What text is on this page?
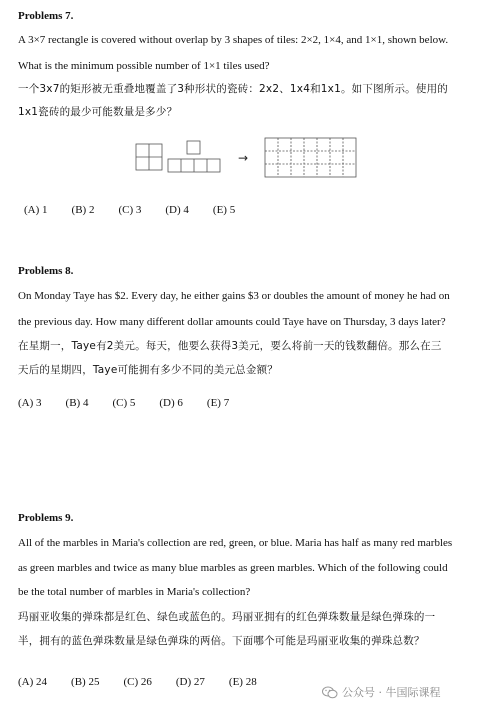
Problems 7.
A 3×7 rectangle is covered without overlap by 3 shapes of tiles: 2×2, 1×4, and 1×1, shown below.
What is the minimum possible number of 1×1 tiles used?
一个3x7的矩形被无重叠地覆盖了3种形状的瓷砖：2x2、1x4和1x1。如下图所示。使用的
1x1瓷砖的最少可能数量是多少？
→
(A) 1 (B) 2 (C) 3 (D) 4 (E) 5
Problems 8.
On Monday Taye has $2. Every day, he either gains $3 or doubles the amount of money he had on
the previous day. How many different dollar amounts could Taye have on Thursday, 3 days later?
在星期一，Taye有2美元。每天，他要么获得3美元，要么将前一天的钱数翻倍。那么在三
天后的星期四，Taye可能拥有多少不同的美元总金额？
(A) 3 (B) 4 (C) 5 (D) 6 (E) 7
Problems 9.
All of the marbles in Maria's collection are red, green, or blue. Maria has half as many red marbles
as green marbles and twice as many blue marbles as green marbles. Which of the following could
be the total number of marbles in Maria's collection?
玛丽亚收集的弹珠都是红色、绿色或蓝色的。玛丽亚拥有的红色弹珠数量是绿色弹珠的一
半，拥有的蓝色弹珠数量是绿色弹珠的两倍。下面哪个可能是玛丽亚收集的弹珠总数？
(A) 24 (B) 25 (C) 26 (D) 27 (E) 28
公众号 · 牛国际课程
